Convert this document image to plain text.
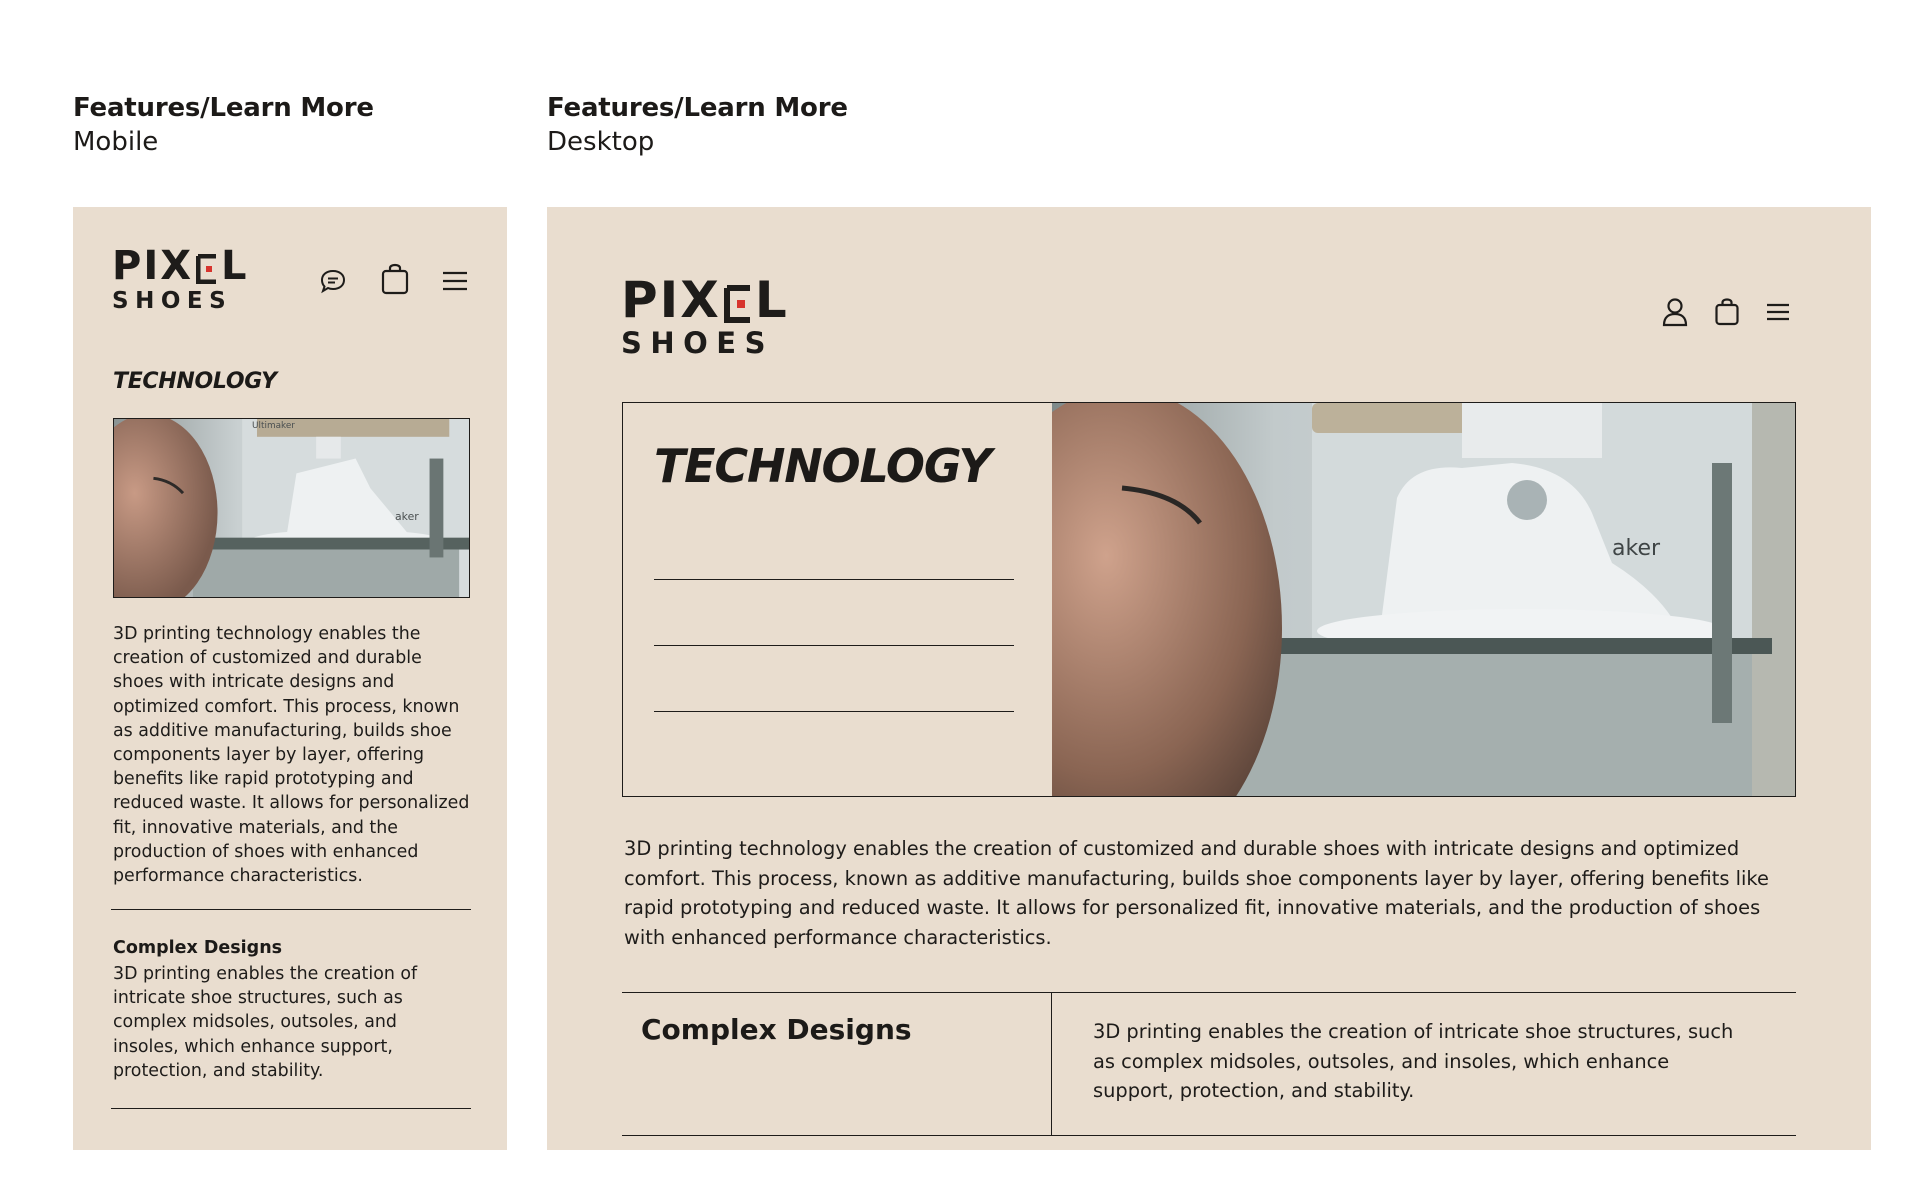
Features/Learn More
Mobile
Features/Learn More
Desktop
PIX L
SHOES
TECHNOLOGY
aker
Ultimaker
3D printing technology enables the creation of customized and durable shoes with intricate designs and optimized comfort. This process, known as additive manufacturing, builds shoe components layer by layer, offering benefits like rapid prototyping and reduced waste. It allows for personalized fit, innovative materials, and the production of shoes with enhanced performance characteristics.
Complex Designs
3D printing enables the creation of intricate shoe structures, such as complex midsoles, outsoles, and insoles, which enhance support, protection, and stability.
PIX L
SHOES
TECHNOLOGY
aker
3D printing technology enables the creation of customized and durable shoes with intricate designs and optimized comfort. This process, known as additive manufacturing, builds shoe components layer by layer, offering benefits like rapid prototyping and reduced waste. It allows for personalized fit, innovative materials, and the production of shoes with enhanced performance characteristics.
Complex Designs	3D printing enables the creation of intricate shoe structures, such as complex midsoles, outsoles, and insoles, which enhance support, protection, and stability.
